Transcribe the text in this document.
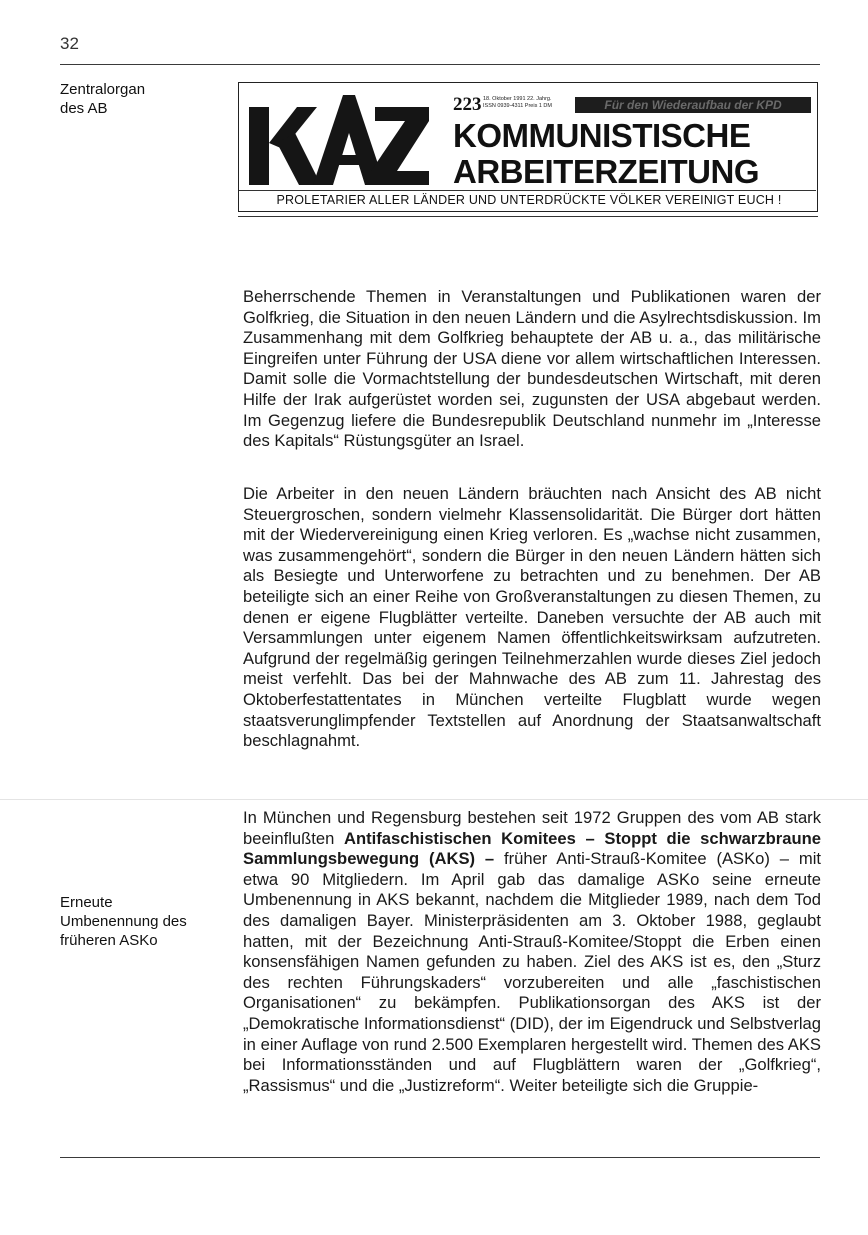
32
Zentralorgan
des AB	223 18. Oktober 1991 22. Jahrg.
ISSN 0939-4311 Preis 1 DM	Für den Wiederaufbau der KPD
KOMMUNISTISCHE
ARBEITERZEITUNG
PROLETARIER ALLER LÄNDER UND UNTERDRÜCKTE VÖLKER VEREINIGT EUCH !

Beherrschende Themen in Veranstaltungen und Publikationen waren der Golfkrieg, die Situation in den neuen Ländern und die Asylrechtsdiskussion. Im Zusammenhang mit dem Golfkrieg behauptete der AB u. a., das militärische Eingreifen unter Führung der USA diene vor allem wirtschaftlichen Interessen. Damit solle die Vormachtstellung der bundesdeutschen Wirtschaft, mit deren Hilfe der Irak aufgerüstet worden sei, zugunsten der USA abgebaut werden. Im Gegenzug liefere die Bundesrepublik Deutschland nunmehr im „Interesse des Kapitals“ Rüstungsgüter an Israel.

Die Arbeiter in den neuen Ländern bräuchten nach Ansicht des AB nicht Steuergroschen, sondern vielmehr Klassensolidarität. Die Bürger dort hätten mit der Wiedervereinigung einen Krieg verloren. Es „wachse nicht zusammen, was zusammengehört“, sondern die Bürger in den neuen Ländern hätten sich als Besiegte und Unterworfene zu betrachten und zu benehmen. Der AB beteiligte sich an einer Reihe von Großveranstaltungen zu diesen Themen, zu denen er eigene Flugblätter verteilte. Daneben versuchte der AB auch mit Versammlungen unter eigenem Namen öffentlichkeitswirksam aufzutreten. Aufgrund der regelmäßig geringen Teilnehmerzahlen wurde dieses Ziel jedoch meist verfehlt. Das bei der Mahnwache des AB zum 11. Jahrestag des Oktoberfestattentates in München verteilte Flugblatt wurde wegen staatsverunglimpfender Textstellen auf Anordnung der Staatsanwaltschaft beschlagnahmt.

In München und Regensburg bestehen seit 1972 Gruppen des vom AB stark beeinflußten Antifaschistischen Komitees – Stoppt die schwarzbraune Sammlungsbewegung (AKS) – früher Anti-Strauß-Komitee (ASKo) – mit etwa 90 Mitgliedern. Im April gab das damalige ASKo seine erneute Umbenennung in AKS bekannt, nachdem die Mitglieder 1989, nach dem Tod des damaligen Bayer. Ministerpräsidenten am 3. Oktober 1988, geglaubt hatten, mit der Bezeichnung Anti-Strauß-Komitee/Stoppt die Erben einen konsensfähigen Namen gefunden zu haben. Ziel des AKS ist es, den „Sturz des rechten Führungskaders“ vorzubereiten und alle „faschistischen Organisationen“ zu bekämpfen. Publikationsorgan des AKS ist der „Demokratische Informationsdienst“ (DID), der im Eigendruck und Selbstverlag in einer Auflage von rund 2.500 Exemplaren hergestellt wird. Themen des AKS bei Informationsständen und auf Flugblättern waren der „Golfkrieg“, „Rassismus“ und die „Justizreform“. Weiter beteiligte sich die Gruppie-

Erneute
Umbenennung des
früheren ASKo
